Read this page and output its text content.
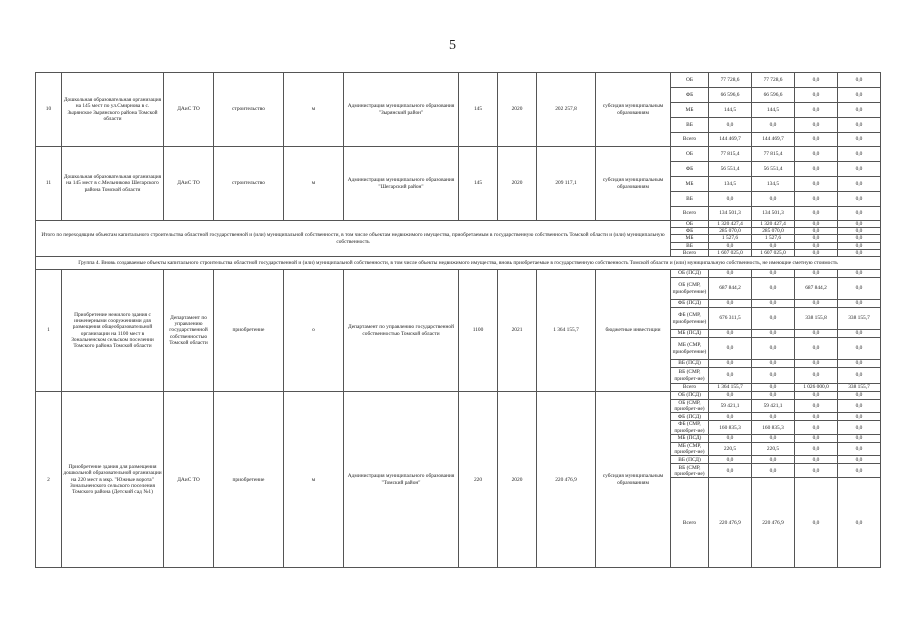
5
10	Дошкольная образовательная организация на 145 мест по ул.Смирнова в с. Зырянское Зырянского района Томской области	ДАиС ТО	строительство	м	Администрация муниципального образования "Зырянский район"	145	2020	202 257,8	субсидия муниципальным образованиям	ОБ	77 728,6	77 728,6	0,0	0,0
										ФБ	66 596,6	66 596,6	0,0	0,0
										МБ	144,5	144,5	0,0	0,0
										ВБ	0,0	0,0	0,0	0,0
										Всего	144 469,7	144 469,7	0,0	0,0
11	Дошкольная образовательная организация на 145 мест в с.Мельниково Шегарского района Томской области	ДАиС ТО	строительство	м	Администрация муниципального образования "Шегарский район"	145	2020	209 117,1	субсидия муниципальным образованиям	ОБ	77 815,4	77 815,4	0,0	0,0
										ФБ	56 551,4	56 551,4	0,0	0,0
										МБ	134,5	134,5	0,0	0,0
										ВБ	0,0	0,0	0,0	0,0
										Всего	134 501,3	134 501,3	0,0	0,0
Итого по переходящим объектам капитального строительства областной государственной и (или) муниципальной собственности, в том числе объектам недвижимого имущества, приобретаемым в государственную собственность Томской области и (или) муниципальную собственность										ОБ	1 320 427,4	1 320 427,4	0,0	0,0
										ФБ	285 070,0	285 070,0	0,0	0,0
										МБ	1 527,6	1 527,6	0,0	0,0
										ВБ	0,0	0,0	0,0	0,0
										Всего	1 607 025,0	1 607 025,0	0,0	0,0
Группа 4. Вновь создаваемые объекты капитального строительства областной государственной и (или) муниципальной собственности, в том числе объекты недвижимого имущества, вновь приобретаемые в государственную собственность Томской области и (или) муниципальную собственность, не имеющие сметную стоимость														
1	Приобретение нежилого здания с инженерными сооружениями для размещения общеобразовательной организации на 1100 мест в Зональненском сельском поселении Томского района Томской области	Департамент по управлению государственной собственностью Томской области	приобретение	о	Департамент по управлению государственной собственностью Томской области	1100	2021	1 364 155,7	бюджетные инвестиции	ОБ (ПСД)	0,0	0,0	0,0	0,0
										ОБ (СМР, приобретение)	687 844,2	0,0	687 844,2	0,0
										ФБ (ПСД)	0,0	0,0	0,0	0,0
										ФБ (СМР, приобретение)	676 311,5	0,0	338 155,8	338 155,7
										МБ (ПСД)	0,0	0,0	0,0	0,0
										МБ (СМР, приобретение)	0,0	0,0	0,0	0,0
										ВБ (ПСД)	0,0	0,0	0,0	0,0
										ВБ (СМР, приобрет-ие)	0,0	0,0	0,0	0,0
										Всего	1 364 155,7	0,0	1 026 000,0	338 155,7
2	Приобретение здания для размещения дошкольной образовательной организации на 220 мест в мкр. "Южные ворота" Зональненского сельского поселения Томского района (Детский сад №1)	ДАиС ТО	приобретение	м	Администрация муниципального образования "Томский район"	220	2020	220 476,9	субсидия муниципальным образованиям	ОБ (ПСД)	0,0	0,0	0,0	0,0
										ОБ (СМР, приобрет-ие)	59 421,1	59 421,1	0,0	0,0
										ФБ (ПСД)	0,0	0,0	0,0	0,0
										ФБ (СМР, приобрет-ие)	160 835,3	160 835,3	0,0	0,0
										МБ (ПСД)	0,0	0,0	0,0	0,0
										МБ (СМР, приобрет-ие)	220,5	220,5	0,0	0,0
										ВБ (ПСД)	0,0	0,0	0,0	0,0
										ВБ (СМР, приобрет-ие)	0,0	0,0	0,0	0,0
										Всего	220 476,9	220 476,9	0,0	0,0
